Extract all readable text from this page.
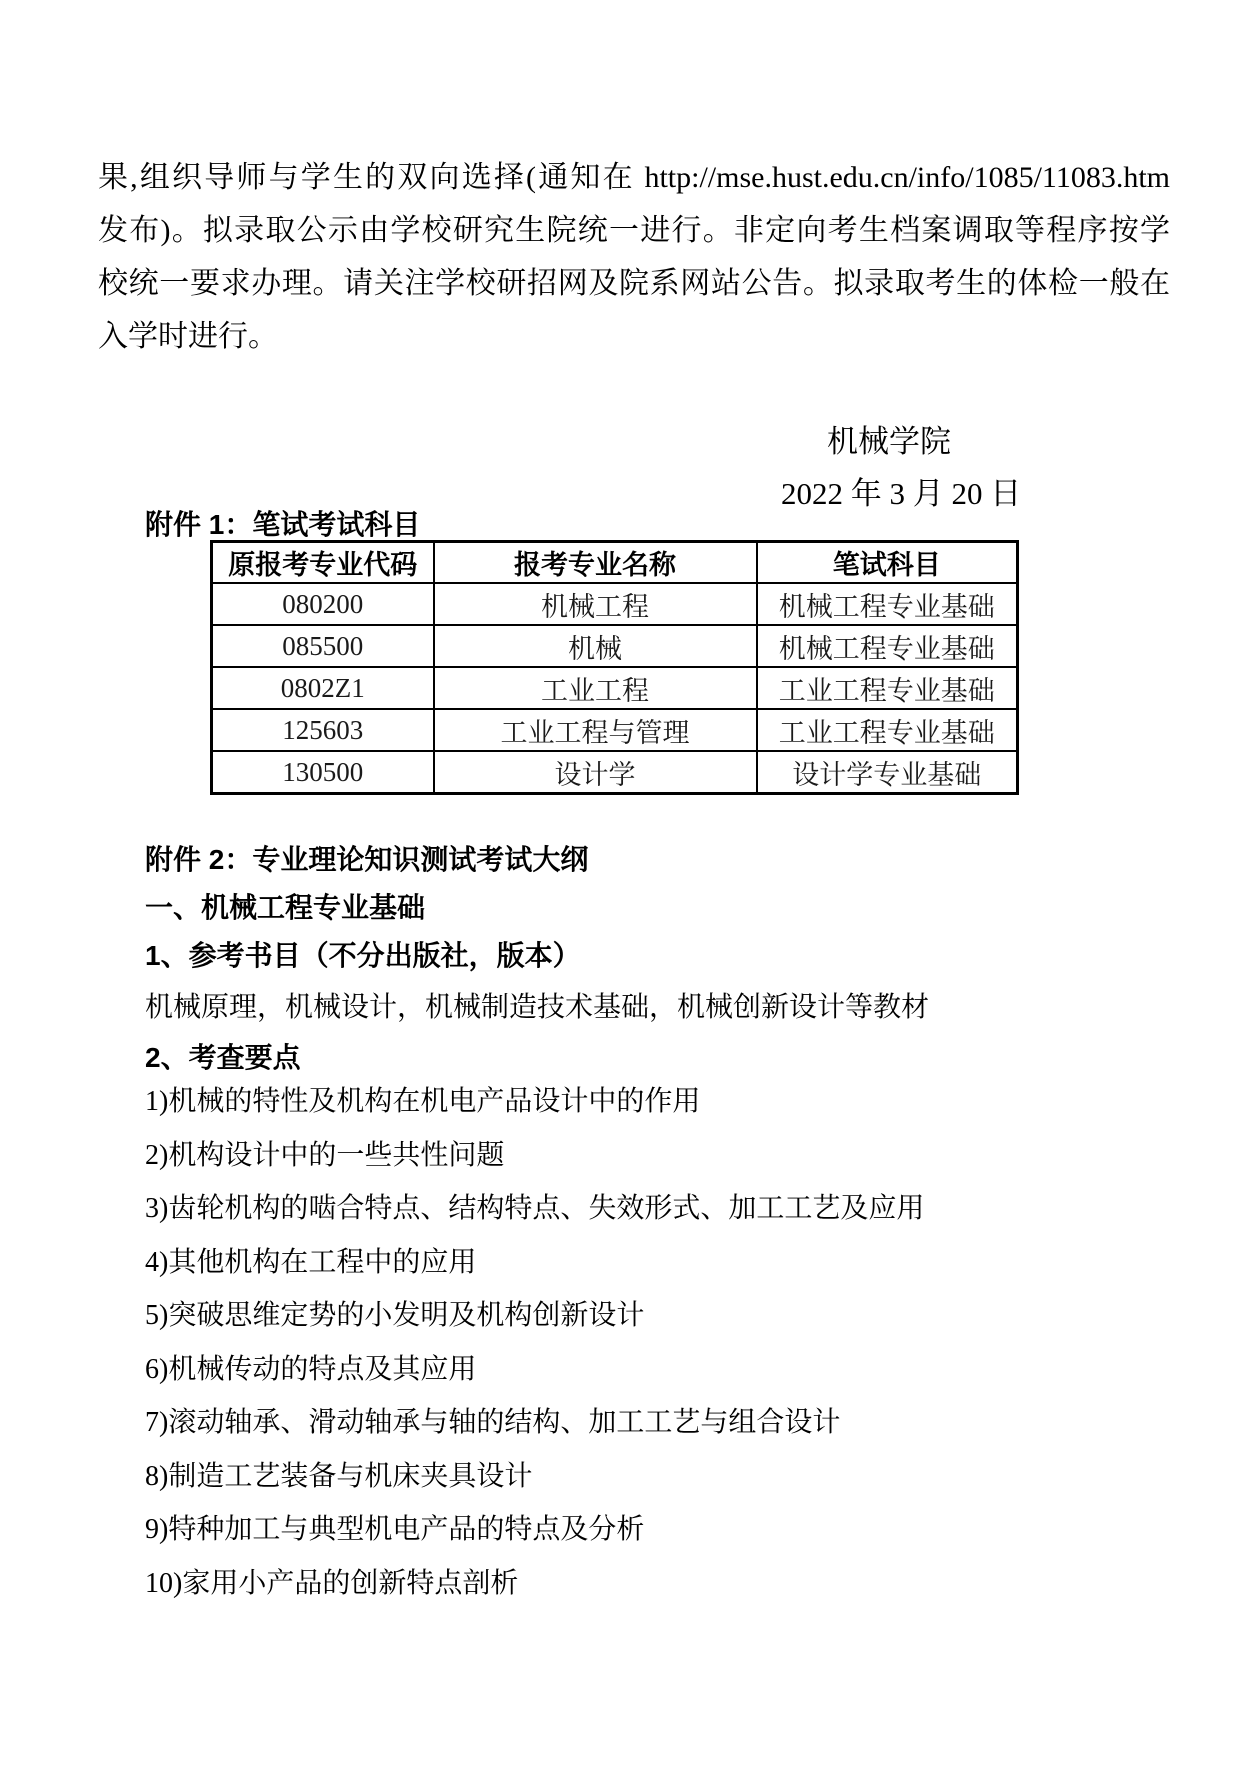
果,组织导师与学生的双向选择(通知在 http://mse.hust.edu.cn/info/1085/11083.htm
发布)。拟录取公示由学校研究生院统一进行。非定向考生档案调取等程序按学
校统一要求办理。请关注学校研招网及院系网站公告。拟录取考生的体检一般在
入学时进行。

机械学院
2022 年 3 月 20 日
附件 1：笔试考试科目
原报考专业代码	报考专业名称	笔试科目
080200	机械工程	机械工程专业基础
085500	机械	机械工程专业基础
0802Z1	工业工程	工业工程专业基础
125603	工业工程与管理	工业工程专业基础
130500	设计学	设计学专业基础
附件 2：专业理论知识测试考试大纲
一、机械工程专业基础
1、参考书目（不分出版社，版本）

机械原理，机械设计，机械制造技术基础，机械创新设计等教材

2、考查要点
1)机械的特性及机构在机电产品设计中的作用
2)机构设计中的一些共性问题
3)齿轮机构的啮合特点、结构特点、失效形式、加工工艺及应用
4)其他机构在工程中的应用
5)突破思维定势的小发明及机构创新设计
6)机械传动的特点及其应用
7)滚动轴承、滑动轴承与轴的结构、加工工艺与组合设计
8)制造工艺装备与机床夹具设计
9)特种加工与典型机电产品的特点及分析
10)家用小产品的创新特点剖析
